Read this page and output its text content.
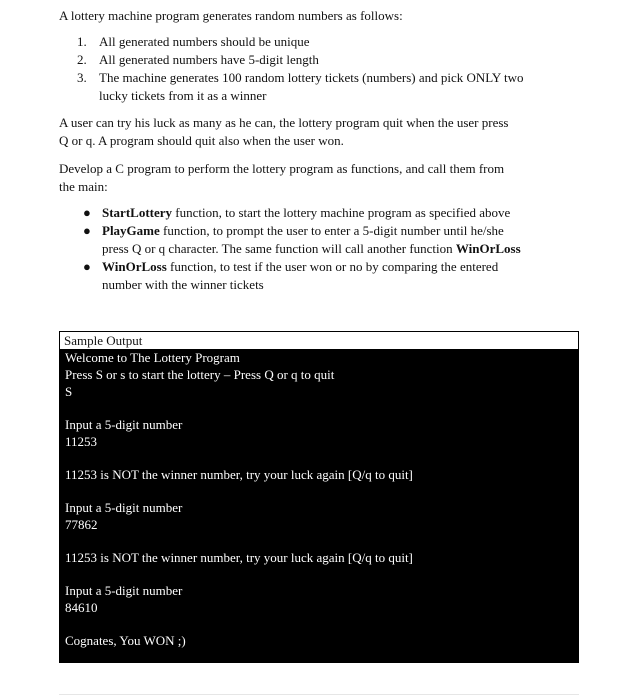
A lottery machine program generates random numbers as follows:

1. All generated numbers should be unique
2. All generated numbers have 5-digit length
3. The machine generates 100 random lottery tickets (numbers) and pick ONLY two
lucky tickets from it as a winner

A user can try his luck as many as he can, the lottery program quit when the user press
Q or q. A program should quit also when the user won.

Develop a C program to perform the lottery program as functions, and call them from
the main:

● StartLottery function, to start the lottery machine program as specified above
● PlayGame function, to prompt the user to enter a 5-digit number until he/she
press Q or q character. The same function will call another function WinOrLoss
● WinOrLoss function, to test if the user won or no by comparing the entered
number with the winner tickets
Sample Output
Welcome to The Lottery Program
Press S or s to start the lottery – Press Q or q to quit
S
Input a 5-digit number
11253
11253 is NOT the winner number, try your luck again [Q/q to quit]
Input a 5-digit number
77862
11253 is NOT the winner number, try your luck again [Q/q to quit]
Input a 5-digit number
84610
Cognates, You WON ;)
